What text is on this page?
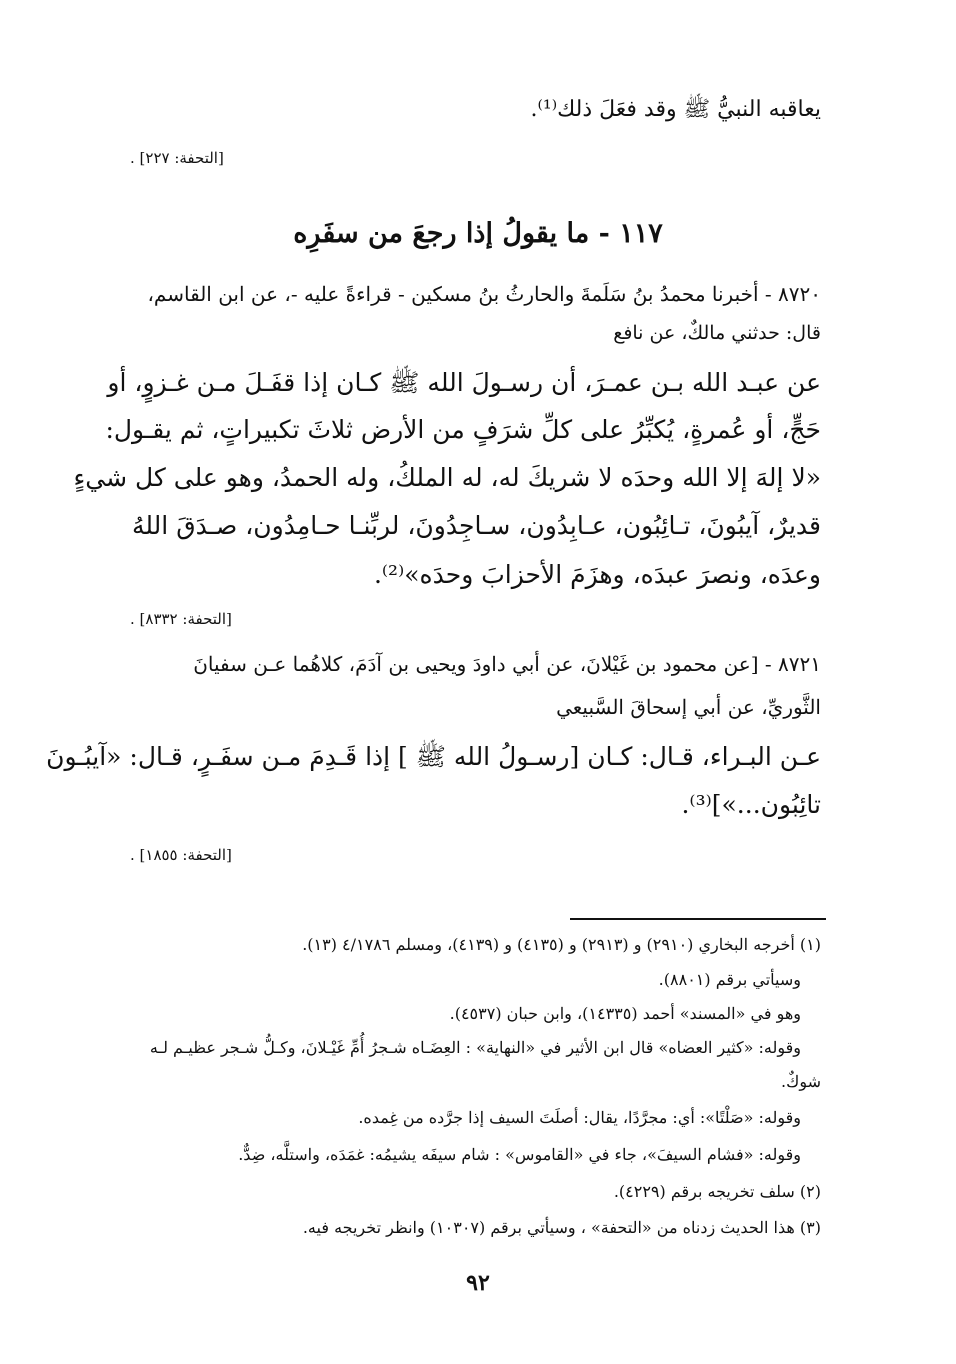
يعاقبه النبيُّ ﷺ وقد فعَلَ ذلك⁽¹⁾.
[التحفة: ٢٢٧] .
١١٧ - ما يقولُ إذا رجعَ من سفَرِه
٨٧٢٠ - أخبرنا محمدُ بنُ سَلَمةَ والحارثُ بنُ مسكين - قراءةً عليه -، عن ابن القاسم،
قال: حدثني مالكٌ، عن نافع
عن عبـد الله بـن عمـرَ، أن رسـولَ الله ﷺ كـان إذا قفَـلَ مـن غـزوٍ، أو
حَجٍّ، أو عُمرةٍ، يُكبِّرُ على كلِّ شرَفٍ من الأرض ثلاثَ تكبيراتٍ، ثم يقـول:
«لا إلهَ إلا الله وحدَه لا شريكَ له، له الملكُ، وله الحمدُ، وهو على كل شيءٍ
قديرٌ، آيبُونَ، تـائِبُون، عـابِدُون، سـاجِدُونَ، لربِّنـا حـامِدُون، صـدَقَ اللهُ
وعدَه، ونصرَ عبدَه، وهزَمَ الأحزابَ وحدَه»⁽²⁾.
[التحفة: ٨٣٣٢] .
٨٧٢١ - [عن محمود بن غَيْلانَ، عن أبي داودَ ويحيى بن آدَمَ، كلاهُما عـن سفيانَ
الثَّوريِّ، عن أبي إسحاقَ السَّبيعي
عـن البـراء، قـال: كـان [رسـولُ الله ﷺ ] إذا قَـدِمَ مـن سفَـرٍ، قـال: «آيبُـونَ
تائِبُون...»]⁽³⁾.
[التحفة: ١٨٥٥] .
(١) أخرجه البخاري (٢٩١٠) و (٢٩١٣) و (٤١٣٥) و (٤١٣٩)، ومسلم ٤/١٧٨٦ (١٣).
وسيأتي برقم (٨٨٠١).
وهو في «المسند» أحمد (١٤٣٣٥)، وابن حبان (٤٥٣٧).
وقوله: «كثير العضاه» قال ابن الأثير في «النهاية» : العِضَـاه شـجرُ أُمِّ غَيْـلانَ، وكـلُّ شـجر عظيـم لـه
شوكٌ.
وقوله: «صَلْتًا»: أي: مجرَّدًا، يقال: أصلَتَ السيف إذا جرَّده من غِمده.
وقوله: «فشام السيفَ»، جاء في «القاموس» : شام سيفَه يشيمُه: غمَدَه، واستلَّه، ضِدٌّ.
(٢) سلف تخريجه برقم (٤٢٢٩).
(٣) هذا الحديث زدناه من «التحفة» ، وسيأتي برقم (١٠٣٠٧) وانظر تخريجه فيه.
٩٢
